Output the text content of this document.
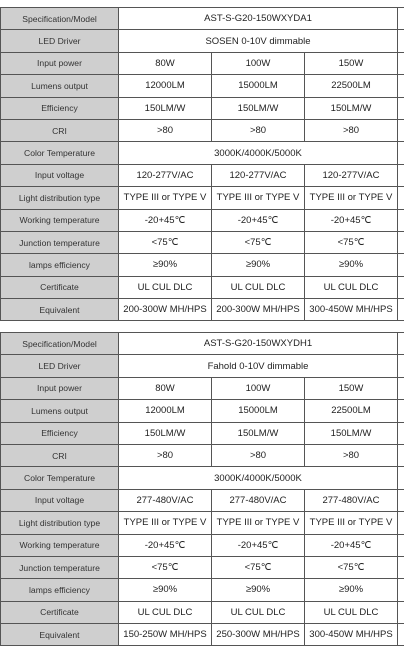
Specification/Model	AST-S-G20-150WXYDA1			
LED Driver	SOSEN 0-10V dimmable			
Input power	80W	100W	150W	
Lumens output	12000LM	15000LM	22500LM	
Efficiency	150LM/W	150LM/W	150LM/W	
CRI	>80	>80	>80	
Color Temperature	3000K/4000K/5000K			
Input voltage	120-277V/AC	120-277V/AC	120-277V/AC	
Light distribution type	TYPE III or TYPE V	TYPE III or TYPE V	TYPE III or TYPE V	
Working temperature	-20+45℃	-20+45℃	-20+45℃	
Junction temperature	<75℃	<75℃	<75℃	
lamps efficiency	≥90%	≥90%	≥90%	
Certificate	UL CUL DLC	UL CUL DLC	UL CUL DLC	
Equivalent	200-300W MH/HPS	200-300W MH/HPS	300-450W MH/HPS	
Specification/Model	AST-S-G20-150WXYDH1			
LED Driver	Fahold 0-10V dimmable			
Input power	80W	100W	150W	
Lumens output	12000LM	15000LM	22500LM	
Efficiency	150LM/W	150LM/W	150LM/W	
CRI	>80	>80	>80	
Color Temperature	3000K/4000K/5000K			
Input voltage	277-480V/AC	277-480V/AC	277-480V/AC	
Light distribution type	TYPE III or TYPE V	TYPE III or TYPE V	TYPE III or TYPE V	
Working temperature	-20+45℃	-20+45℃	-20+45℃	
Junction temperature	<75℃	<75℃	<75℃	
lamps efficiency	≥90%	≥90%	≥90%	
Certificate	UL CUL DLC	UL CUL DLC	UL CUL DLC	
Equivalent	150-250W MH/HPS	250-300W MH/HPS	300-450W MH/HPS	
